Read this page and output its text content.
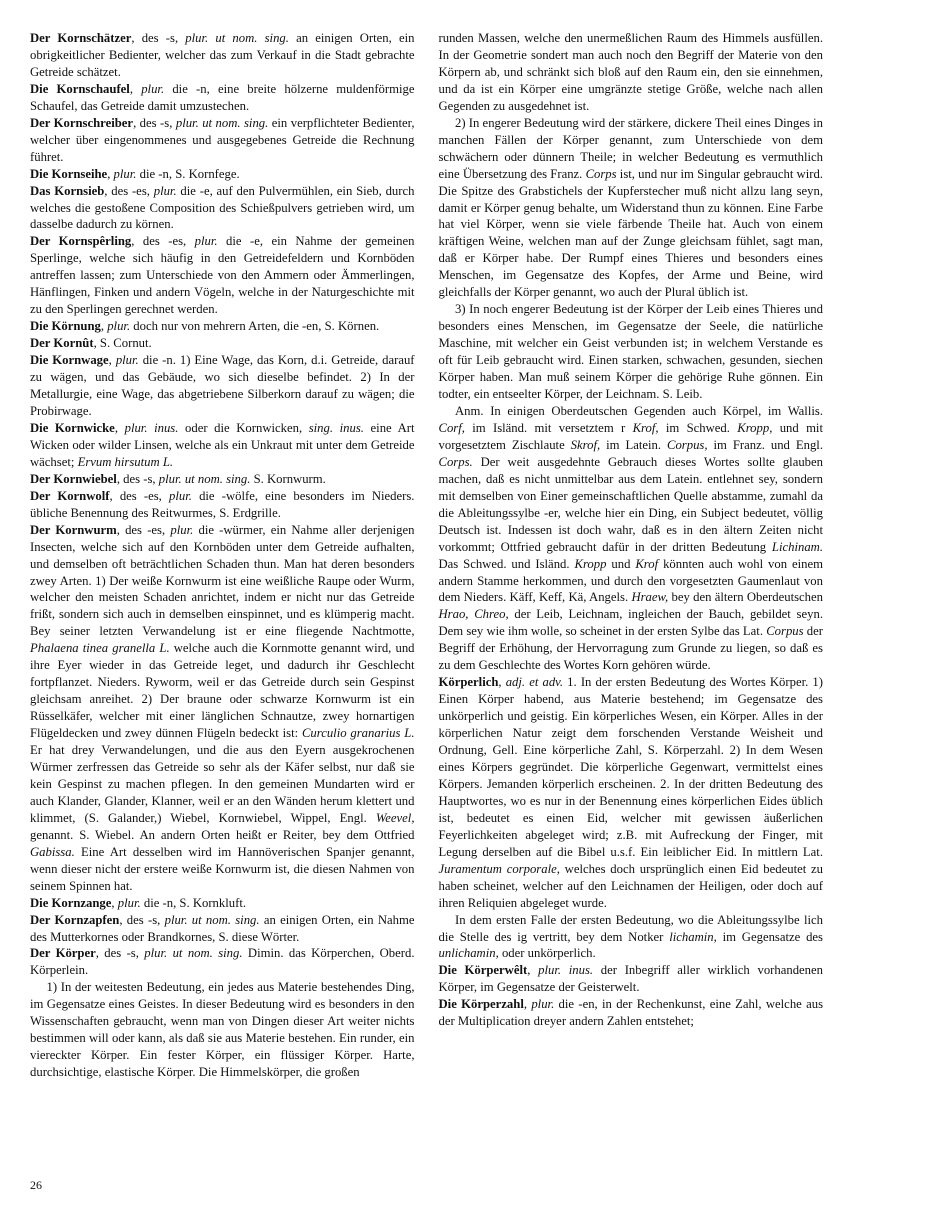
Der Kornschätzer, des -s, plur. ut nom. sing. an einigen Orten, ein obrigkeitlicher Bedienter, welcher das zum Verkauf in die Stadt gebrachte Getreide schätzet.

Die Kornschaufel, plur. die -n, eine breite hölzerne muldenförmige Schaufel, das Getreide damit umzustechen.

Der Kornschreiber, des -s, plur. ut nom. sing. ein verpflichteter Bedienter, welcher über eingenommenes und ausgegebenes Getreide die Rechnung führet.

Die Kornseihe, plur. die -n, S. Kornfege.

Das Kornsieb, des -es, plur. die -e, auf den Pulvermühlen, ein Sieb, durch welches die gestoßene Composition des Schießpulvers getrieben wird, um dasselbe dadurch zu körnen.

Der Kornspêrling, des -es, plur. die -e, ein Nahme der gemeinen Sperlinge, welche sich häufig in den Getreidefeldern und Kornböden antreffen lassen; zum Unterschiede von den Ammern oder Ämmerlingen, Hänflingen, Finken und andern Vögeln, welche in der Naturgeschichte mit zu den Sperlingen gerechnet werden.

Die Körnung, plur. doch nur von mehrern Arten, die -en, S. Körnen.

Der Kornût, S. Cornut.

Die Kornwage, plur. die -n. 1) Eine Wage, das Korn, d.i. Getreide, darauf zu wägen, und das Gebäude, wo sich dieselbe befindet. 2) In der Metallurgie, eine Wage, das abgetriebene Silberkorn darauf zu wägen; die Probirwage.

Die Kornwicke, plur. inus. oder die Kornwicken, sing. inus. eine Art Wicken oder wilder Linsen, welche als ein Unkraut mit unter dem Getreide wächset; Ervum hirsutum L.

Der Kornwiebel, des -s, plur. ut nom. sing. S. Kornwurm.

Der Kornwolf, des -es, plur. die -wölfe, eine besonders im Nieders. übliche Benennung des Reitwurmes, S. Erdgrille.

Der Kornwurm, des -es, plur. die -würmer, ein Nahme aller derjenigen Insecten, welche sich auf den Kornböden unter dem Getreide aufhalten, und demselben oft beträchtlichen Schaden thun. Man hat deren besonders zwey Arten. 1) Der weiße Kornwurm ist eine weißliche Raupe oder Wurm, welcher den meisten Schaden anrichtet, indem er nicht nur das Getreide frißt, sondern sich auch in demselben einspinnet, und es klümperig macht. Bey seiner letzten Verwandelung ist er eine fliegende Nachtmotte, Phalaena tinea granella L. welche auch die Kornmotte genannt wird, und ihre Eyer wieder in das Getreide leget, und dadurch ihr Geschlecht fortpflanzet. Nieders. Ryworm, weil er das Getreide durch sein Gespinst gleichsam anreihet. 2) Der braune oder schwarze Kornwurm ist ein Rüsselkäfer, welcher mit einer länglichen Schnautze, zwey hornartigen Flügeldecken und zwey dünnen Flügeln bedeckt ist: Curculio granarius L. Er hat drey Verwandelungen, und die aus den Eyern ausgekrochenen Würmer zerfressen das Getreide so sehr als der Käfer selbst, nur daß sie kein Gespinst zu machen pflegen. In den gemeinen Mundarten wird er auch Klander, Glander, Klanner, weil er an den Wänden herum klettert und klimmet, (S. Galander,) Wiebel, Kornwiebel, Wippel, Engl. Weevel, genannt. S. Wiebel. An andern Orten heißt er Reiter, bey dem Ottfried Gabissa. Eine Art desselben wird im Hannöverischen Spanjer genannt, wenn dieser nicht der erstere weiße Kornwurm ist, die diesen Nahmen von seinem Spinnen hat.

Die Kornzange, plur. die -n, S. Kornkluft.

Der Kornzapfen, des -s, plur. ut nom. sing. an einigen Orten, ein Nahme des Mutterkornes oder Brandkornes, S. diese Wörter.

Der Körper, des -s, plur. ut nom. sing. Dimin. das Körperchen, Oberd. Körperlein.

1) In der weitesten Bedeutung, ein jedes aus Materie bestehendes Ding, im Gegensatze eines Geistes. In dieser Bedeutung wird es besonders in den Wissenschaften gebraucht, wenn man von Dingen dieser Art weiter nichts bestimmen will oder kann, als daß sie aus Materie bestehen. Ein runder, ein viereckter Körper. Ein fester Körper, ein flüssiger Körper. Harte, durchsichtige, elastische Körper. Die Himmelskörper, die großen

runden Massen, welche den unermeßlichen Raum des Himmels ausfüllen. In der Geometrie sondert man auch noch den Begriff der Materie von den Körpern ab, und schränkt sich bloß auf den Raum ein, den sie einnehmen, und da ist ein Körper eine umgränzte stetige Größe, welche nach allen Gegenden zu ausgedehnet ist.

2) In engerer Bedeutung wird der stärkere, dickere Theil eines Dinges in manchen Fällen der Körper genannt, zum Unterschiede von dem schwächern oder dünnern Theile; in welcher Bedeutung es vermuthlich eine Übersetzung des Franz. Corps ist, und nur im Singular gebraucht wird. Die Spitze des Grabstichels der Kupferstecher muß nicht allzu lang seyn, damit er Körper genug behalte, um Widerstand thun zu können. Eine Farbe hat viel Körper, wenn sie viele färbende Theile hat. Auch von einem kräftigen Weine, welchen man auf der Zunge gleichsam fühlet, sagt man, daß er Körper habe. Der Rumpf eines Thieres und besonders eines Menschen, im Gegensatze des Kopfes, der Arme und Beine, wird gleichfalls der Körper genannt, wo auch der Plural üblich ist.

3) In noch engerer Bedeutung ist der Körper der Leib eines Thieres und besonders eines Menschen, im Gegensatze der Seele, die natürliche Maschine, mit welcher ein Geist verbunden ist; in welchem Verstande es oft für Leib gebraucht wird. Einen starken, schwachen, gesunden, siechen Körper haben. Man muß seinem Körper die gehörige Ruhe gönnen. Ein todter, ein entseelter Körper, der Leichnam. S. Leib.

Anm. In einigen Oberdeutschen Gegenden auch Körpel, im Wallis. Corf, im Isländ. mit versetztem r Krof, im Schwed. Kropp, und mit vorgesetztem Zischlaute Skrof, im Latein. Corpus, im Franz. und Engl. Corps. Der weit ausgedehnte Gebrauch dieses Wortes sollte glauben machen, daß es nicht unmittelbar aus dem Latein. entlehnet sey, sondern mit demselben von Einer gemeinschaftlichen Quelle abstamme, zumahl da die Ableitungssylbe -er, welche hier ein Ding, ein Subject bedeutet, völlig Deutsch ist. Indessen ist doch wahr, daß es in den ältern Zeiten nicht vorkommt; Ottfried gebraucht dafür in der dritten Bedeutung Lichinam. Das Schwed. und Isländ. Kropp und Krof könnten auch wohl von einem andern Stamme herkommen, und durch den vorgesetzten Gaumenlaut von dem Nieders. Käff, Keff, Kä, Angels. Hraew, bey den ältern Oberdeutschen Hrao, Chreo, der Leib, Leichnam, ingleichen der Bauch, gebildet seyn. Dem sey wie ihm wolle, so scheinet in der ersten Sylbe das Lat. Corpus der Begriff der Erhöhung, der Hervorragung zum Grunde zu liegen, so daß es zu dem Geschlechte des Wortes Korn gehören würde.

Körperlich, adj. et adv. 1. In der ersten Bedeutung des Wortes Körper. 1) Einen Körper habend, aus Materie bestehend; im Gegensatze des unkörperlich und geistig. Ein körperliches Wesen, ein Körper. Alles in der körperlichen Natur zeigt dem forschenden Verstande Weisheit und Ordnung, Gell. Eine körperliche Zahl, S. Körperzahl. 2) In dem Wesen eines Körpers gegründet. Die körperliche Gegenwart, vermittelst eines Körpers. Jemanden körperlich erscheinen. 2. In der dritten Bedeutung des Hauptwortes, wo es nur in der Benennung eines körperlichen Eides üblich ist, bedeutet es einen Eid, welcher mit gewissen äußerlichen Feyerlichkeiten abgeleget wird; z.B. mit Aufreckung der Finger, mit Legung derselben auf die Bibel u.s.f. Ein leiblicher Eid. In mittlern Lat. Juramentum corporale, welches doch ursprünglich einen Eid bedeutet zu haben scheinet, welcher auf den Leichnamen der Heiligen, oder doch auf ihren Reliquien abgeleget wurde.

In dem ersten Falle der ersten Bedeutung, wo die Ableitungssylbe lich die Stelle des ig vertritt, bey dem Notker lichamin, im Gegensatze des unlichamin, oder unkörperlich.

Die Körperwêlt, plur. inus. der Inbegriff aller wirklich vorhandenen Körper, im Gegensatze der Geisterwelt.

Die Körperzahl, plur. die -en, in der Rechenkunst, eine Zahl, welche aus der Multiplication dreyer andern Zahlen entstehet;

26
